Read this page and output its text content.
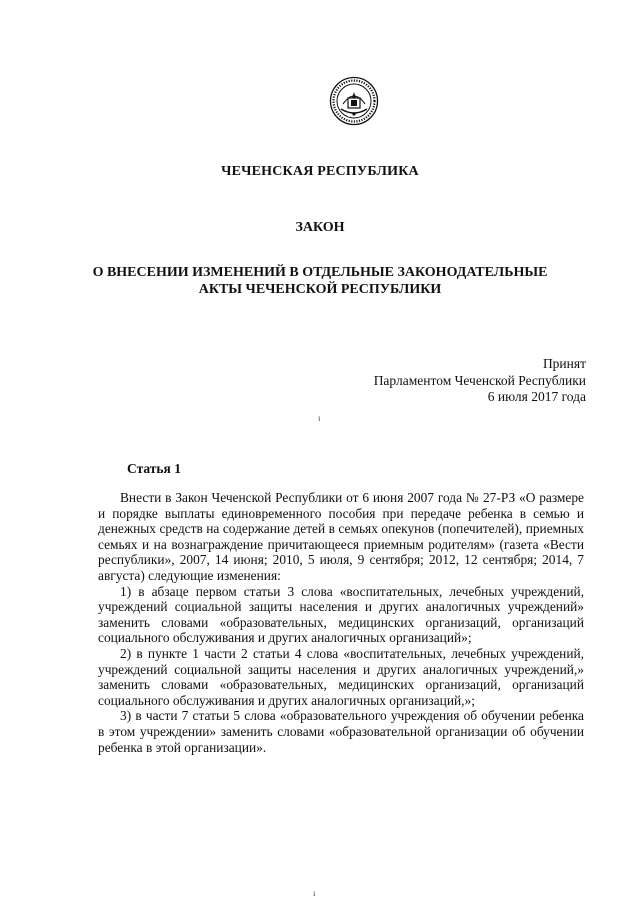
ЧЕЧЕНСКАЯ РЕСПУБЛИКА
ЗАКОН
О ВНЕСЕНИИ ИЗМЕНЕНИЙ В ОТДЕЛЬНЫЕ ЗАКОНОДАТЕЛЬНЫЕ
АКТЫ ЧЕЧЕНСКОЙ РЕСПУБЛИКИ
Принят
Парламентом Чеченской Республики
6 июля 2017 года
ı
Статья 1

Внести в Закон Чеченской Республики от 6 июня 2007 года № 27-РЗ «О размере и порядке выплаты единовременного пособия при передаче ребенка в семью и денежных средств на содержание детей в семьях опекунов (попечителей), приемных семьях и на вознаграждение причитающееся приемным родителям» (газета «Вести республики», 2007, 14 июня; 2010, 5 июля, 9 сентября; 2012, 12 сентября; 2014, 7 августа) следующие изменения:

1) в абзаце первом статьи 3 слова «воспитательных, лечебных учреждений, учреждений социальной защиты населения и других аналогичных учреждений» заменить словами «образовательных, медицинских организаций, организаций социального обслуживания и других аналогичных организаций»;

2) в пункте 1 части 2 статьи 4 слова «воспитательных, лечебных учреждений, учреждений социальной защиты населения и других аналогичных учреждений,» заменить словами «образовательных, медицинских организаций, организаций социального обслуживания и других аналогичных организаций,»;

3) в части 7 статьи 5 слова «образовательного учреждения об обучении ребенка в этом учреждении» заменить словами «образовательной организации об обучении ребенка в этой организации».

ı
